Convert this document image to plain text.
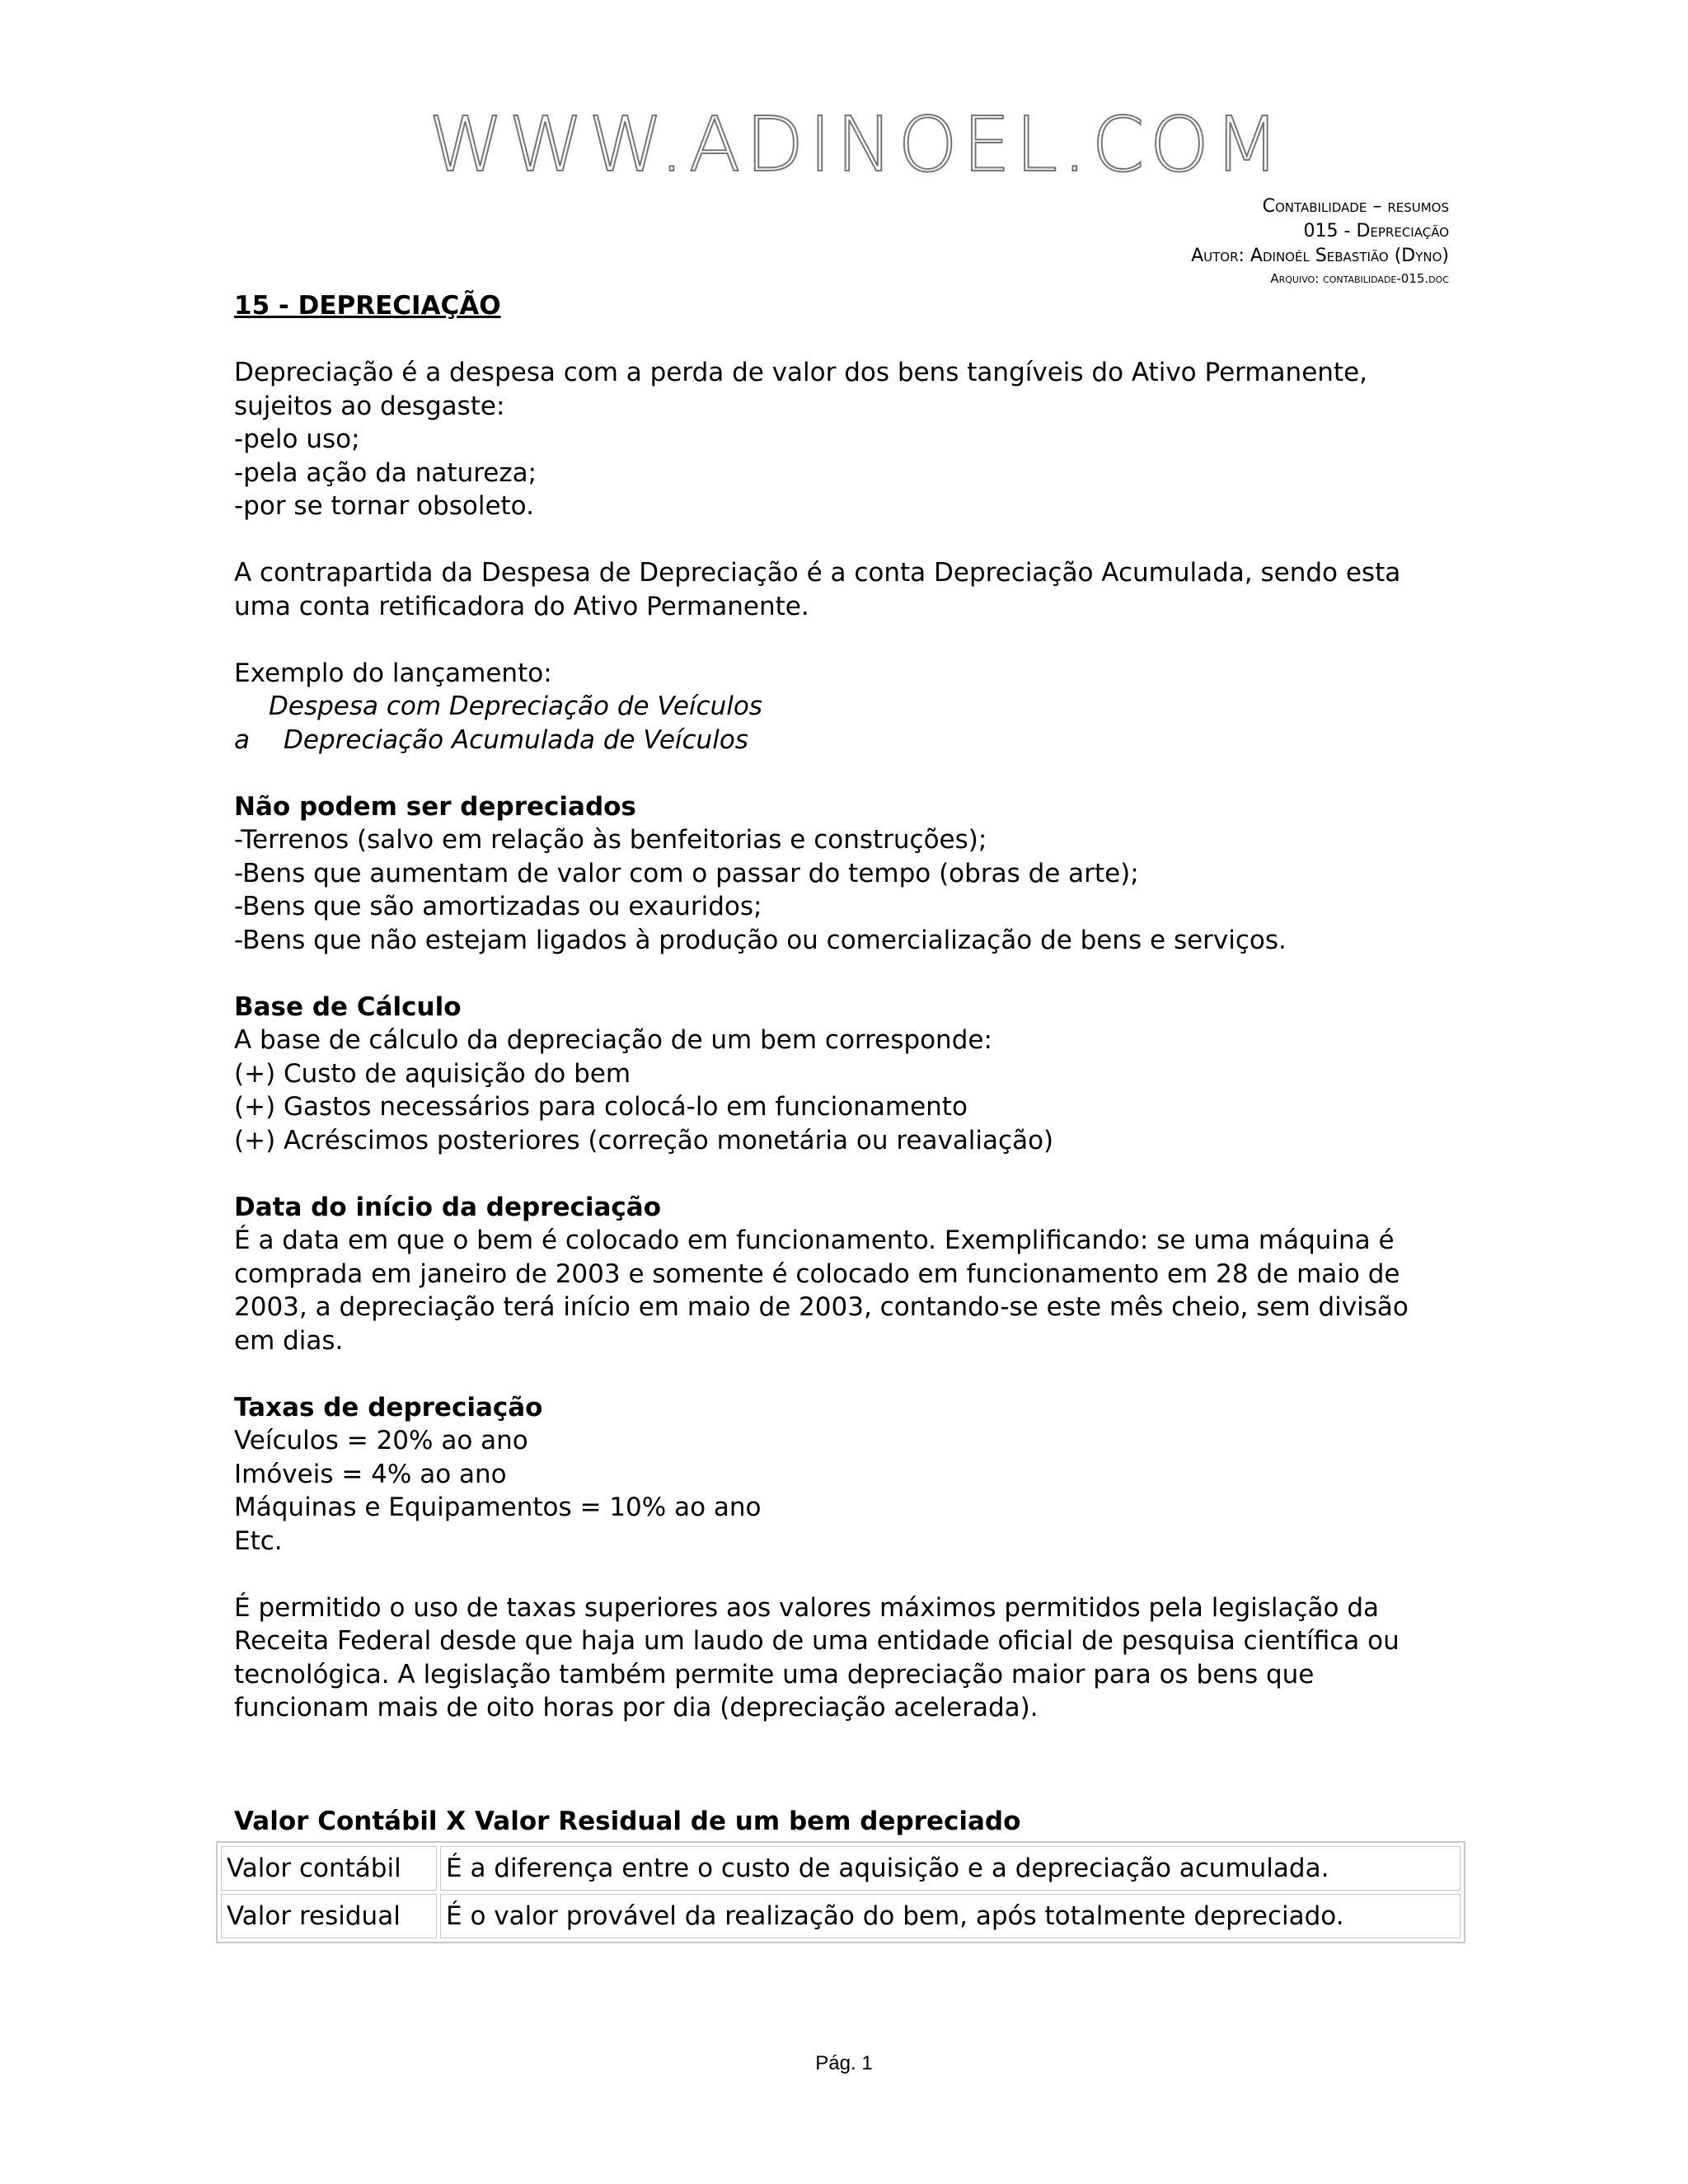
WWW.ADINOEL.COM
Contabilidade – resumos
015 - Depreciação
Autor: Adinoél Sebastião (Dyno)
Arquivo: contabilidade-015.doc

15 - DEPRECIAÇÃO

Depreciação é a despesa com a perda de valor dos bens tangíveis do Ativo Permanente, sujeitos ao desgaste:

-pelo uso;

-pela ação da natureza;

-por se tornar obsoleto.

A contrapartida da Despesa de Depreciação é a conta Depreciação Acumulada, sendo esta uma conta retificadora do Ativo Permanente.

Exemplo do lançamento:

Despesa com Depreciação de Veículos

a Depreciação Acumulada de Veículos

Não podem ser depreciados

-Terrenos (salvo em relação às benfeitorias e construções);

-Bens que aumentam de valor com o passar do tempo (obras de arte);

-Bens que são amortizadas ou exauridos;

-Bens que não estejam ligados à produção ou comercialização de bens e serviços.

Base de Cálculo

A base de cálculo da depreciação de um bem corresponde:

(+) Custo de aquisição do bem

(+) Gastos necessários para colocá-lo em funcionamento

(+) Acréscimos posteriores (correção monetária ou reavaliação)

Data do início da depreciação

É a data em que o bem é colocado em funcionamento. Exemplificando: se uma máquina é comprada em janeiro de 2003 e somente é colocado em funcionamento em 28 de maio de 2003, a depreciação terá início em maio de 2003, contando-se este mês cheio, sem divisão em dias.

Taxas de depreciação

Veículos = 20% ao ano

Imóveis = 4% ao ano

Máquinas e Equipamentos = 10% ao ano

Etc.

É permitido o uso de taxas superiores aos valores máximos permitidos pela legislação da Receita Federal desde que haja um laudo de uma entidade oficial de pesquisa científica ou tecnológica. A legislação também permite uma depreciação maior para os bens que funcionam mais de oito horas por dia (depreciação acelerada).

Valor Contábil X Valor Residual de um bem depreciado
Valor contábil	É a diferença entre o custo de aquisição e a depreciação acumulada.
Valor residual	É o valor provável da realização do bem, após totalmente depreciado.
Pág. 1
